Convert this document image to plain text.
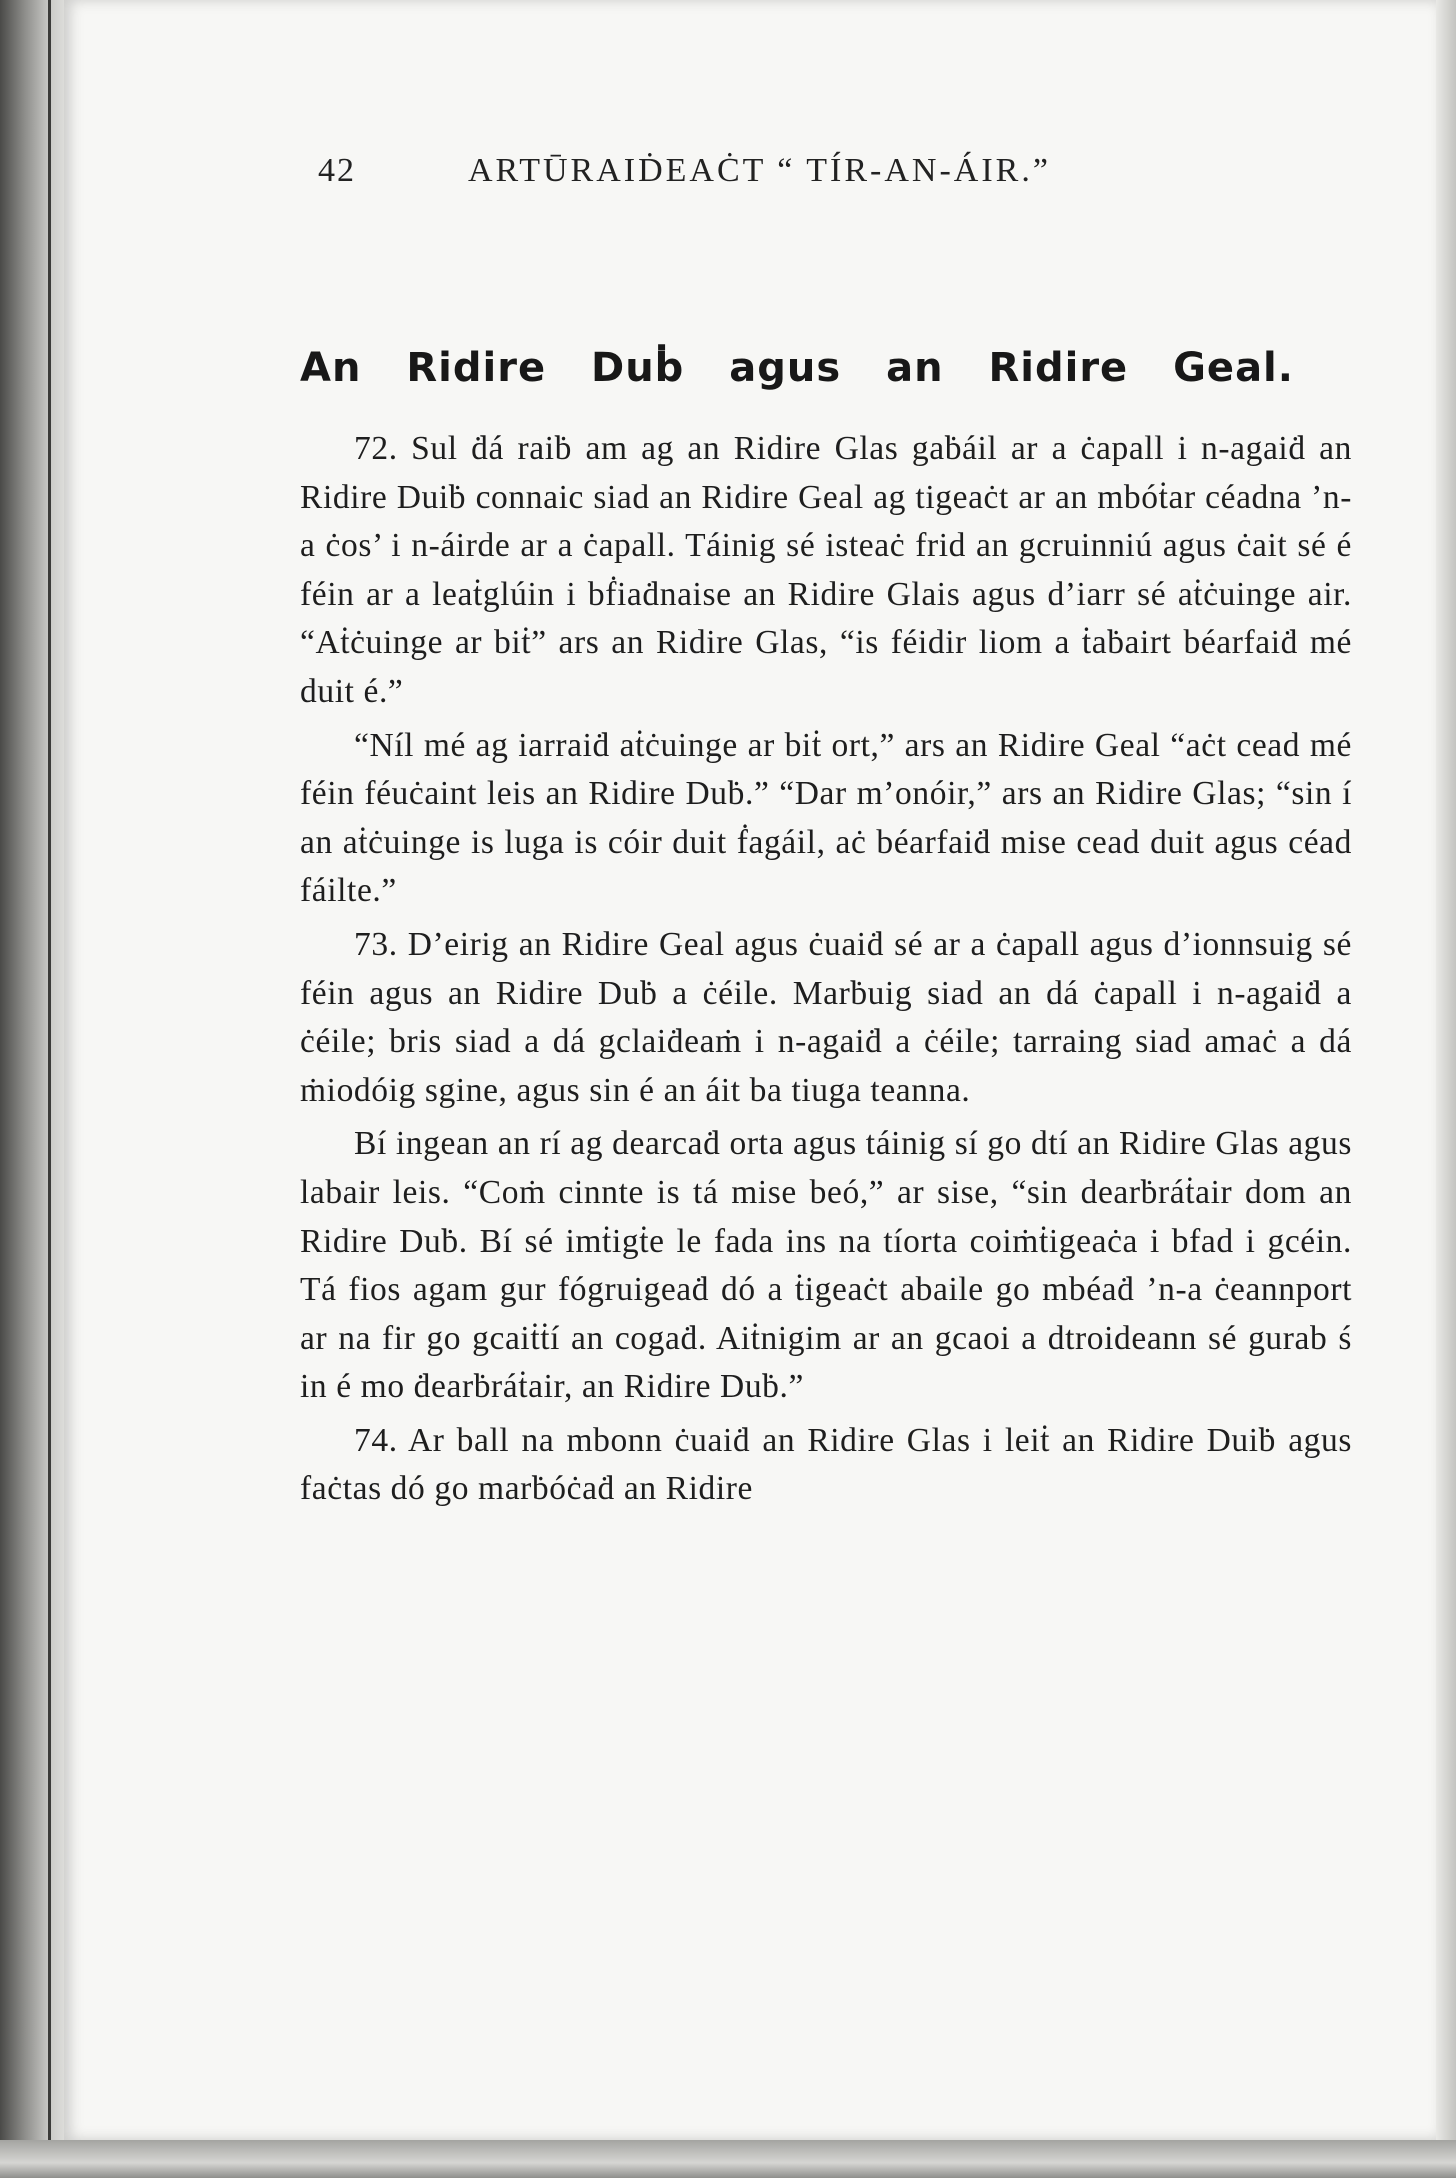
42	ARTŪRAIḊEAĊT “ TÍR-AN-ÁIR.”
An Ridire Duḃ agus an Ridire Geal.

72. Sul ḋá raiḃ am ag an Ridire Glas gaḃáil ar a ċapall i n-agaiḋ an Ridire Duiḃ connaic siad an Ridire Geal ag tigeaċt ar an mbóṫar céadna ’n-a ċos’ i n-áirde ar a ċapall. Táinig sé isteaċ frid an gcruinniú agus ċait sé é féin ar a leaṫglúin i bḟiaḋnaise an Ridire Glais agus d’iarr sé aṫċuinge air. “Aṫċuinge ar biṫ” ars an Ridire Glas, “is féidir liom a ṫaḃairt béarfaiḋ mé duit é.”

“Níl mé ag iarraiḋ aṫċuinge ar biṫ ort,” ars an Ridire Geal “aċt cead mé féin féuċaint leis an Ridire Duḃ.” “Dar m’onóir,” ars an Ridire Glas; “sin í an aṫċuinge is luga is cóir duit ḟagáil, aċ béarfaiḋ mise cead duit agus céad fáilte.”

73. D’eirig an Ridire Geal agus ċuaiḋ sé ar a ċapall agus d’ionnsuig sé féin agus an Ridire Duḃ a ċéile. Marḃuig siad an dá ċapall i n-agaiḋ a ċéile; bris siad a dá gclaiḋeaṁ i n-agaiḋ a ċéile; tarraing siad amaċ a dá ṁiodóig sgine, agus sin é an áit ba tiuga teanna.

Bí ingean an rí ag dearcaḋ orta agus táinig sí go dtí an Ridire Glas agus labair leis. “Coṁ cinnte is tá mise beó,” ar sise, “sin dearḃráṫair dom an Ridire Duḃ. Bí sé imṫigṫe le fada ins na tíorta coiṁṫigeaċa i bfad i gcéin. Tá fios agam gur fógruigeaḋ dó a ṫigeaċt abaile go mbéaḋ ’n-a ċeannport ar na fir go gcaiṫṫí an cogaḋ. Aiṫnigim ar an gcaoi a dtroideann sé gurab ś in é mo ḋearḃráṫair, an Ridire Duḃ.”

74. Ar ball na mbonn ċuaiḋ an Ridire Glas i leiṫ an Ridire Duiḃ agus faċtas dó go marḃóċaḋ an Ridire
